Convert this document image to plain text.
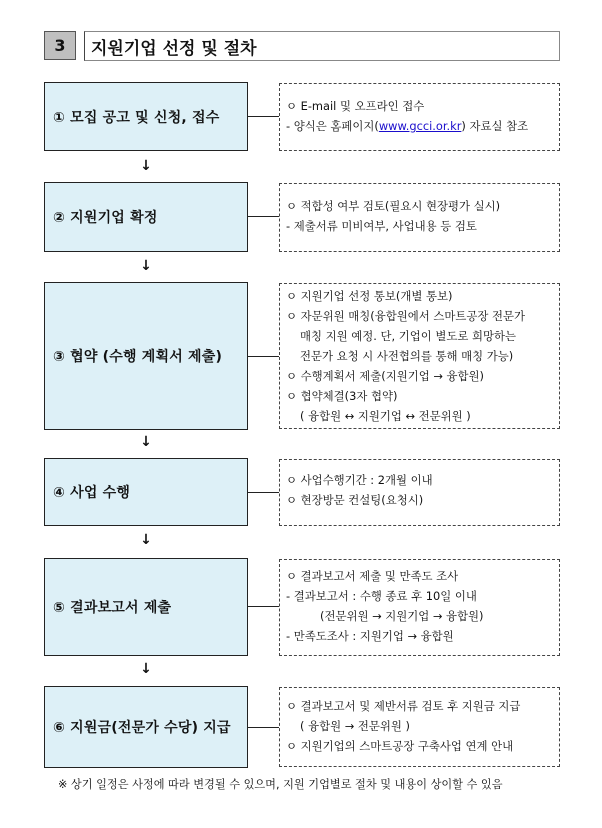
3	지원기업 선정 및 절차
① 모집 공고 및 신청, 접수
ㅇ E-mail 및 오프라인 접수
- 양식은 홈페이지(www.gcci.or.kr) 자료실 참조
↓
② 지원기업 확정
ㅇ 적합성 여부 검토(필요시 현장평가 실시)
- 제출서류 미비여부, 사업내용 등 검토
↓
③ 협약 (수행 계획서 제출)
ㅇ 지원기업 선정 통보(개별 통보)
ㅇ 자문위원 매칭(융합원에서 스마트공장 전문가
매칭 지원 예정. 단, 기업이 별도로 희망하는
전문가 요청 시 사전협의를 통해 매칭 가능)
ㅇ 수행계획서 제출(지원기업 → 융합원)
ㅇ 협약체결(3자 협약)
( 융합원 ↔ 지원기업 ↔ 전문위원 )
↓
④ 사업 수행
ㅇ 사업수행기간 : 2개월 이내
ㅇ 현장방문 컨설팅(요청시)
↓
⑤ 결과보고서 제출
ㅇ 결과보고서 제출 및 만족도 조사
- 결과보고서 : 수행 종료 후 10일 이내
(전문위원 → 지원기업 → 융합원)
- 만족도조사 : 지원기업 → 융합원
↓
⑥ 지원금(전문가 수당) 지급
ㅇ 결과보고서 및 제반서류 검토 후 지원금 지급
( 융합원 → 전문위원 )
ㅇ 지원기업의 스마트공장 구축사업 연계 안내
※ 상기 일정은 사정에 따라 변경될 수 있으며, 지원 기업별로 절차 및 내용이 상이할 수 있음
